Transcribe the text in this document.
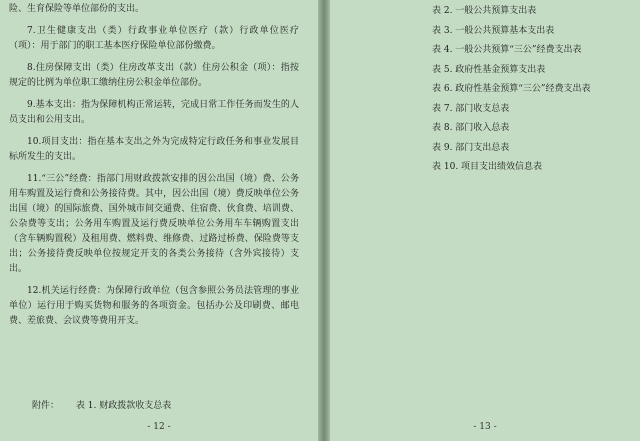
险、生育保险等单位部份的支出。

7.卫生健康支出（类）行政事业单位医疗（款）行政单位医疗（项）：用于部门的职工基本医疗保险单位部份缴费。

8.住房保障支出（类）住房改革支出（款）住房公积金（项）：指按规定的比例为单位职工缴纳住房公积金单位部份。

9.基本支出：指为保障机构正常运转，完成日常工作任务而发生的人员支出和公用支出。

10.项目支出：指在基本支出之外为完成特定行政任务和事业发展目标所发生的支出。

11.“三公”经费：指部门用财政拨款安排的因公出国（境）费、公务用车购置及运行费和公务接待费。其中，因公出国（境）费反映单位公务出国（境）的国际旅费、国外城市间交通费、住宿费、伙食费、培训费、公杂费等支出；公务用车购置及运行费反映单位公务用车车辆购置支出（含车辆购置税）及租用费、燃料费、维修费、过路过桥费、保险费等支出；公务接待费反映单位按规定开支的各类公务接待（含外宾接待）支出。

12.机关运行经费：为保障行政单位（包含参照公务员法管理的事业单位）运行用于购买货物和服务的各项资金。包括办公及印刷费、邮电费、差旅费、会议费等费用开支。

附件： 表 1. 财政拨款收支总表
- 12 -
表 2. 一般公共预算支出表
表 3. 一般公共预算基本支出表
表 4. 一般公共预算“三公”经费支出表
表 5. 政府性基金预算支出表
表 6. 政府性基金预算“三公”经费支出表
表 7. 部门收支总表
表 8. 部门收入总表
表 9. 部门支出总表
表 10. 项目支出绩效信息表
- 13 -
